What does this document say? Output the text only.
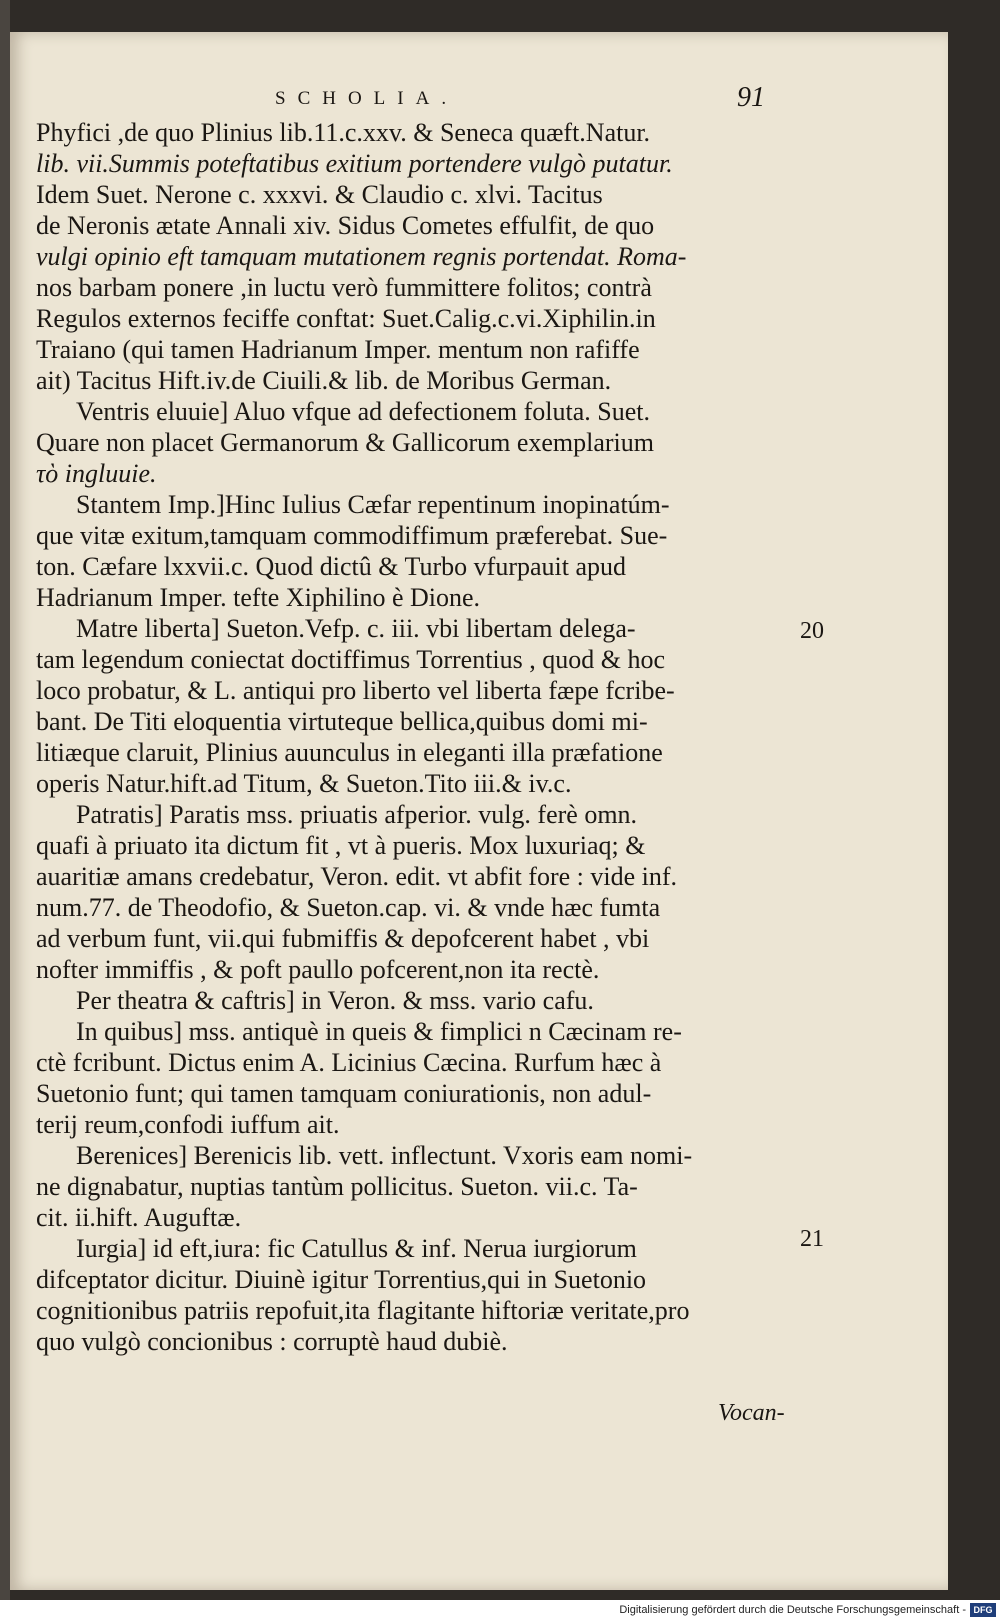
SCHOLIA.	91
Phyfici ,de quo Plinius lib.11.c.xxv. & Seneca quæft.Natur.
lib. vii.Summis poteftatibus exitium portendere vulgò putatur.
Idem Suet. Nerone c. xxxvi. & Claudio c. xlvi. Tacitus
de Neronis ætate Annali xiv. Sidus Cometes effulfit, de quo
vulgi opinio eft tamquam mutationem regnis portendat. Roma-
nos barbam ponere ,in luctu verò fummittere folitos; contrà
Regulos externos feciffe conftat: Suet.Calig.c.vi.Xiphilin.in
Traiano (qui tamen Hadrianum Imper. mentum non rafiffe
ait) Tacitus Hift.iv.de Ciuili.& lib. de Moribus German.
Ventris eluuie] Aluo vfque ad defectionem foluta. Suet.
Quare non placet Germanorum & Gallicorum exemplarium
τὸ ingluuie.
Stantem Imp.]Hinc Iulius Cæfar repentinum inopinatúm-
que vitæ exitum,tamquam commodiffimum præferebat. Sue-
ton. Cæfare lxxvii.c. Quod dictû & Turbo vfurpauit apud
Hadrianum Imper. tefte Xiphilino è Dione.
Matre liberta] Sueton.Vefp. c. iii. vbi libertam delega-
tam legendum coniectat doctiffimus Torrentius , quod & hoc
loco probatur, & L. antiqui pro liberto vel liberta fæpe fcribe-
bant. De Titi eloquentia virtuteque bellica,quibus domi mi-
litiæque claruit, Plinius auunculus in eleganti illa præfatione
operis Natur.hift.ad Titum, & Sueton.Tito iii.& iv.c.
Patratis] Paratis mss. priuatis afperior. vulg. ferè omn.
quafi à priuato ita dictum fit , vt à pueris. Mox luxuriaq; &
auaritiæ amans credebatur, Veron. edit. vt abfit fore : vide inf.
num.77. de Theodofio, & Sueton.cap. vi. & vnde hæc fumta
ad verbum funt, vii.qui fubmiffis & depofcerent habet , vbi
nofter immiffis , & poft paullo pofcerent,non ita rectè.
Per theatra & caftris] in Veron. & mss. vario cafu.
In quibus] mss. antiquè in queis & fimplici n Cæcinam re-
ctè fcribunt. Dictus enim A. Licinius Cæcina. Rurfum hæc à
Suetonio funt; qui tamen tamquam coniurationis, non adul-
terij reum,confodi iuffum ait.
Berenices] Berenicis lib. vett. inflectunt. Vxoris eam nomi-
ne dignabatur, nuptias tantùm pollicitus. Sueton. vii.c. Ta-
cit. ii.hift. Auguftæ.
Iurgia] id eft,iura: fic Catullus & inf. Nerua iurgiorum
difceptator dicitur. Diuinè igitur Torrentius,qui in Suetonio
cognitionibus patriis repofuit,ita flagitante hiftoriæ veritate,pro
quo vulgò concionibus : corruptè haud dubiè.
20
21
Vocan-
Digitalisierung gefördert durch die Deutsche Forschungsgemeinschaft - DFG
